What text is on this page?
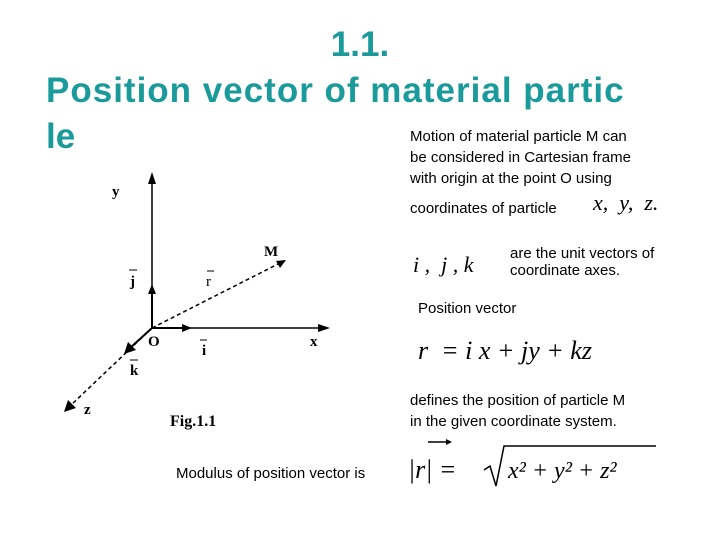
1.1.
Position vector of material partic
le	Motion of material particle M can
be considered in Cartesian frame
with origin at the point O using
coordinates of particle x,  y,  z.
i ,  j , k are the unit vectors of
coordinate axes.
Position vector
r  = i x + jy + kz
defines the position of particle M
in the given coordinate system.
Modulus of position vector is |r| = x² + y² + z²
y
x
z
M
r
j
i
k
O
Fig.1.1
